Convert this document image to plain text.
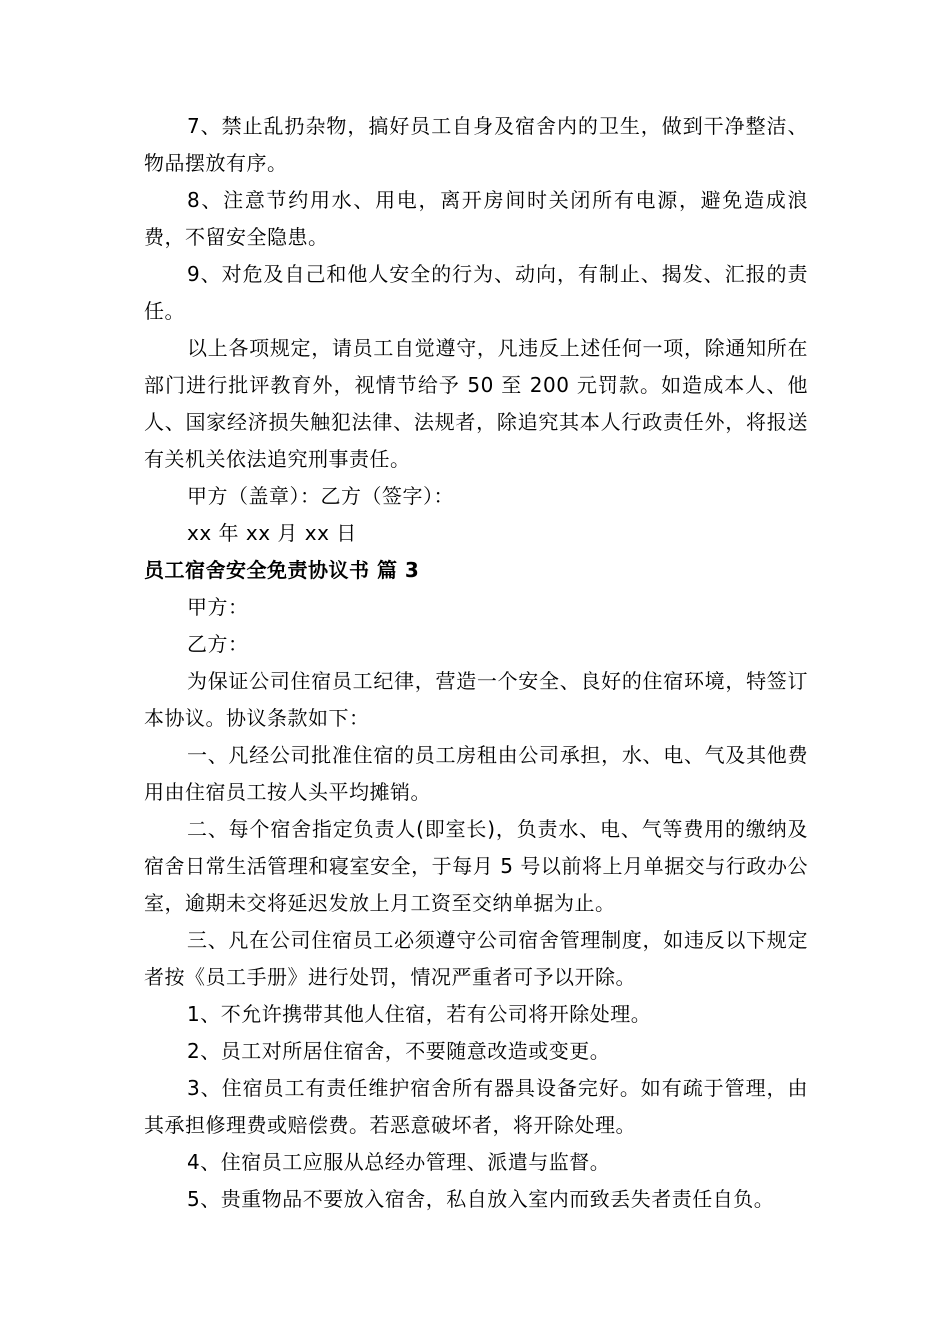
7、禁止乱扔杂物，搞好员工自身及宿舍内的卫生，做到干净整洁、物品摆放有序。

8、注意节约用水、用电，离开房间时关闭所有电源，避免造成浪费，不留安全隐患。

9、对危及自己和他人安全的行为、动向，有制止、揭发、汇报的责任。

以上各项规定，请员工自觉遵守，凡违反上述任何一项，除通知所在部门进行批评教育外，视情节给予 50 至 200 元罚款。如造成本人、他人、国家经济损失触犯法律、法规者，除追究其本人行政责任外，将报送有关机关依法追究刑事责任。

甲方（盖章）：乙方（签字）：

xx 年 xx 月 xx 日

员工宿舍安全免责协议书 篇 3

甲方：

乙方：

为保证公司住宿员工纪律，营造一个安全、良好的住宿环境，特签订本协议。协议条款如下：

一、凡经公司批准住宿的员工房租由公司承担，水、电、气及其他费用由住宿员工按人头平均摊销。

二、每个宿舍指定负责人(即室长)，负责水、电、气等费用的缴纳及宿舍日常生活管理和寝室安全，于每月 5 号以前将上月单据交与行政办公室，逾期未交将延迟发放上月工资至交纳单据为止。

三、凡在公司住宿员工必须遵守公司宿舍管理制度，如违反以下规定者按《员工手册》进行处罚，情况严重者可予以开除。

1、不允许携带其他人住宿，若有公司将开除处理。

2、员工对所居住宿舍，不要随意改造或变更。

3、住宿员工有责任维护宿舍所有器具设备完好。如有疏于管理，由其承担修理费或赔偿费。若恶意破坏者，将开除处理。

4、住宿员工应服从总经办管理、派遣与监督。

5、贵重物品不要放入宿舍，私自放入室内而致丢失者责任自负。
